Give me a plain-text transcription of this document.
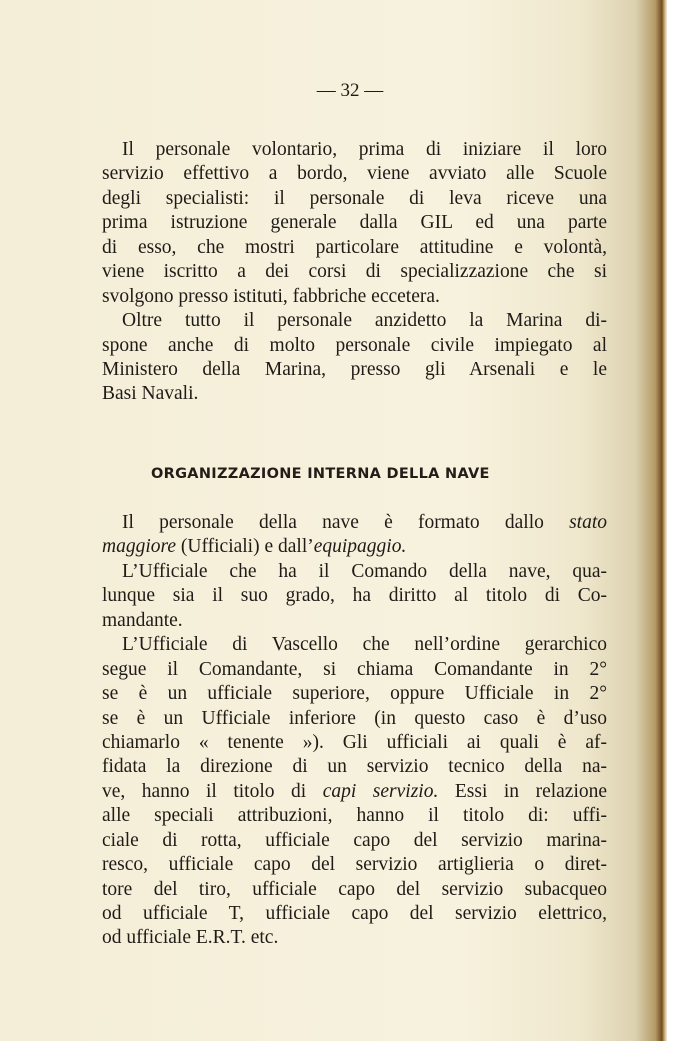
— 32 —
Il personale volontario, prima di iniziare il loro
servizio effettivo a bordo, viene avviato alle Scuole
degli specialisti: il personale di leva riceve una
prima istruzione generale dalla GIL ed una parte
di esso, che mostri particolare attitudine e volontà,
viene iscritto a dei corsi di specializzazione che si
svolgono presso istituti, fabbriche eccetera.
Oltre tutto il personale anzidetto la Marina di-
spone anche di molto personale civile impiegato al
Ministero della Marina, presso gli Arsenali e le
Basi Navali.
ORGANIZZAZIONE INTERNA DELLA NAVE
Il personale della nave è formato dallo stato
maggiore (Ufficiali) e dall’equipaggio.
L’Ufficiale che ha il Comando della nave, qua-
lunque sia il suo grado, ha diritto al titolo di Co-
mandante.
L’Ufficiale di Vascello che nell’ordine gerarchico
segue il Comandante, si chiama Comandante in 2°
se è un ufficiale superiore, oppure Ufficiale in 2°
se è un Ufficiale inferiore (in questo caso è d’uso
chiamarlo « tenente »). Gli ufficiali ai quali è af-
fidata la direzione di un servizio tecnico della na-
ve, hanno il titolo di capi servizio. Essi in relazione
alle speciali attribuzioni, hanno il titolo di: uffi-
ciale di rotta, ufficiale capo del servizio marina-
resco, ufficiale capo del servizio artiglieria o diret-
tore del tiro, ufficiale capo del servizio subacqueo
od ufficiale T, ufficiale capo del servizio elettrico,
od ufficiale E.R.T. etc.
